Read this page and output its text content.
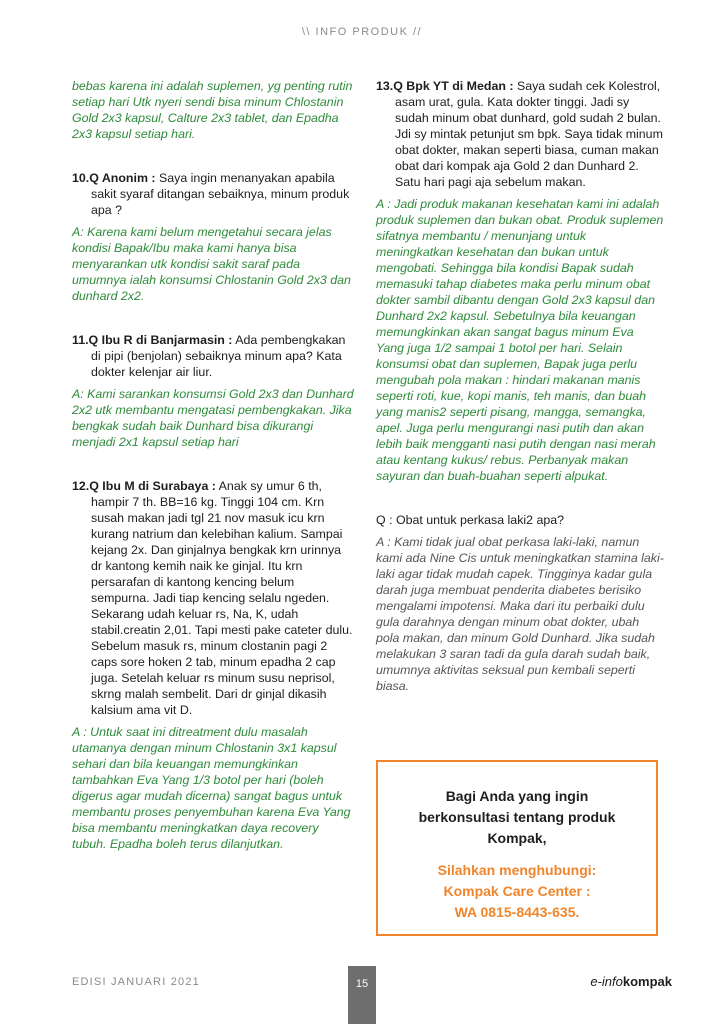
\\ INFO PRODUK //

bebas karena ini adalah suplemen, yg penting rutin setiap hari Utk nyeri sendi bisa minum Chlostanin Gold 2x3 kapsul, Calture 2x3 tablet, dan Epadha 2x3 kapsul setiap hari.

10.Q Anonim : Saya ingin menanyakan apabila sakit syaraf ditangan sebaiknya, minum produk apa ?

A: Karena kami belum mengetahui secara jelas kondisi Bapak/Ibu maka kami hanya bisa menyarankan utk kondisi sakit saraf pada umumnya ialah konsumsi Chlostanin Gold 2x3 dan dunhard 2x2.

11.Q Ibu R di Banjarmasin : Ada pembengkakan di pipi (benjolan) sebaiknya minum apa? Kata dokter kelenjar air liur.

A: Kami sarankan konsumsi Gold 2x3 dan Dunhard 2x2 utk membantu mengatasi pembengkakan. Jika bengkak sudah baik Dunhard bisa dikurangi menjadi 2x1 kapsul setiap hari

12.Q Ibu M di Surabaya : Anak sy umur 6 th, hampir 7 th. BB=16 kg. Tinggi 104 cm. Krn susah makan jadi tgl 21 nov masuk icu krn kurang natrium dan kelebihan kalium. Sampai kejang 2x. Dan ginjalnya bengkak krn urinnya dr kantong kemih naik ke ginjal. Itu krn persarafan di kantong kencing belum sempurna. Jadi tiap kencing selalu ngeden. Sekarang udah keluar rs, Na, K, udah stabil.creatin 2,01. Tapi mesti pake cateter dulu. Sebelum masuk rs, minum clostanin pagi 2 caps sore hoken 2 tab, minum epadha 2 cap juga. Setelah keluar rs minum susu neprisol, skrng malah sembelit. Dari dr ginjal dikasih kalsium ama vit D.

A : Untuk saat ini ditreatment dulu masalah utamanya dengan minum Chlostanin 3x1 kapsul sehari dan bila keuangan memungkinkan tambahkan Eva Yang 1/3 botol per hari (boleh digerus agar mudah dicerna) sangat bagus untuk membantu proses penyembuhan karena Eva Yang bisa membantu meningkatkan daya recovery tubuh. Epadha boleh terus dilanjutkan.

13.Q Bpk YT di Medan : Saya sudah cek Kolestrol, asam urat, gula. Kata dokter tinggi. Jadi sy sudah minum obat dunhard, gold sudah 2 bulan. Jdi sy mintak petunjut sm bpk. Saya tidak minum obat dokter, makan seperti biasa, cuman makan obat dari kompak aja Gold 2 dan Dunhard 2. Satu hari pagi aja sebelum makan.

A : Jadi produk makanan kesehatan kami ini adalah produk suplemen dan bukan obat. Produk suplemen sifatnya membantu / menunjang untuk meningkatkan kesehatan dan bukan untuk mengobati. Sehingga bila kondisi Bapak sudah memasuki tahap diabetes maka perlu minum obat dokter sambil dibantu dengan Gold 2x3 kapsul dan Dunhard 2x2 kapsul. Sebetulnya bila keuangan memungkinkan akan sangat bagus minum Eva Yang juga 1/2 sampai 1 botol per hari. Selain konsumsi obat dan suplemen, Bapak juga perlu mengubah pola makan : hindari makanan manis seperti roti, kue, kopi manis, teh manis, dan buah yang manis2 seperti pisang, mangga, semangka, apel. Juga perlu mengurangi nasi putih dan akan lebih baik mengganti nasi putih dengan nasi merah atau kentang kukus/ rebus. Perbanyak makan sayuran dan buah-buahan seperti alpukat.

Q : Obat untuk perkasa laki2 apa?

A : Kami tidak jual obat perkasa laki-laki, namun kami ada Nine Cis untuk meningkatkan stamina laki-laki agar tidak mudah capek. Tingginya kadar gula darah juga membuat penderita diabetes berisiko mengalami impotensi. Maka dari itu perbaiki dulu gula darahnya dengan minum obat dokter, ubah pola makan, dan minum Gold Dunhard. Jika sudah melakukan 3 saran tadi da gula darah sudah baik, umumnya aktivitas seksual pun kembali seperti biasa.

Bagi Anda yang ingin berkonsultasi tentang produk Kompak,

Silahkan menghubungi:
Kompak Care Center :
WA 0815-8443-635.
EDISI JANUARI 2021	15	e-infokompak
